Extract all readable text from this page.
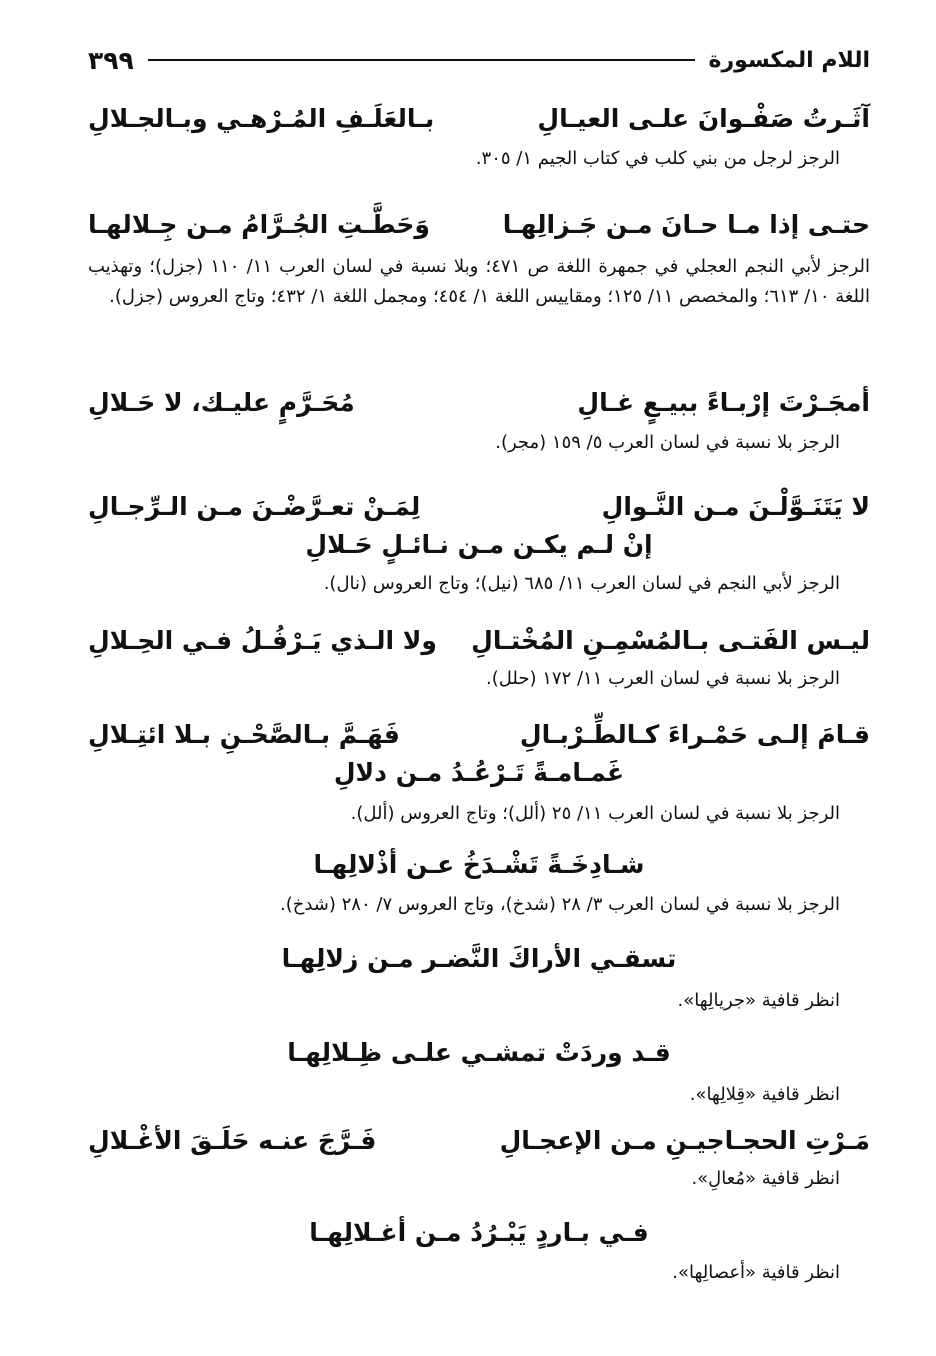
اللام المكسورة
٣٩٩
آثَـرتُ صَفْـوانَ علـى العيـالِ
بـالعَلَـفِ المُـرْهـي وبـالجـلالِ
الرجز لرجل من بني كلب في كتاب الجيم ١/ ٣٠٥.
حتـى إذا مـا حـانَ مـن جَـزالِهـا
وَحَطَّـتِ الجُـرَّامُ مـن جِـلالهـا
الرجز لأبي النجم العجلي في جمهرة اللغة ص ٤٧١؛ وبلا نسبة في لسان العرب ١١/ ١١٠ (جزل)؛ وتهذيب اللغة ١٠/ ٦١٣؛ والمخصص ١١/ ١٢٥؛ ومقاييس اللغة ١/ ٤٥٤؛ ومجمل اللغة ١/ ٤٣٢؛ وتاج العروس (جزل).
أمجَـرْتَ إرْبـاءً ببيـعٍ غـالِ
مُحَـرَّمٍ عليـك، لا حَـلالِ
الرجز بلا نسبة في لسان العرب ٥/ ١٥٩ (مجر).
لا يَتَنَـوَّلْـنَ مـن النَّـوالِ
لِمَـنْ تعـرَّضْـنَ مـن الـرِّجـالِ
إنْ لـم يكـن مـن نـائـلٍ حَـلالِ
الرجز لأبي النجم في لسان العرب ١١/ ٦٨٥ (نيل)؛ وتاج العروس (نال).
ليـس الفَتـى بـالمُسْمِـنِ المُخْتـالِ
ولا الـذي يَـرْفُـلُ فـي الحِـلالِ
الرجز بلا نسبة في لسان العرب ١١/ ١٧٢ (حلل).
قـامَ إلـى حَمْـراءَ كـالطِّـرْبـالِ
فَهَـمَّ بـالصَّحْـنِ بـلا ائتِـلالِ
غَمـامـةً تَـرْعُـدُ مـن دلالِ
الرجز بلا نسبة في لسان العرب ١١/ ٢٥ (ألل)؛ وتاج العروس (ألل).
شـادِخَـةً تَشْـدَخُ عـن أذْلالِهـا
الرجز بلا نسبة في لسان العرب ٣/ ٢٨ (شدخ)، وتاج العروس ٧/ ٢٨٠ (شدخ).
تسقـي الأراكَ النَّضـر مـن زلالِهـا
انظر قافية «جريالِها».
قـد وردَتْ تمشـي علـى ظِـلالِهـا
انظر قافية «قِلالِها».
مَـرْتِ الحجـاجيـنِ مـن الإعجـالِ
فَـرَّجَ عنـه حَلَـقَ الأغْـلالِ
انظر قافية «مُعالِ».
فـي بـاردٍ يَبْـرُدُ مـن أغـلالِهـا
انظر قافية «أعصالِها».
